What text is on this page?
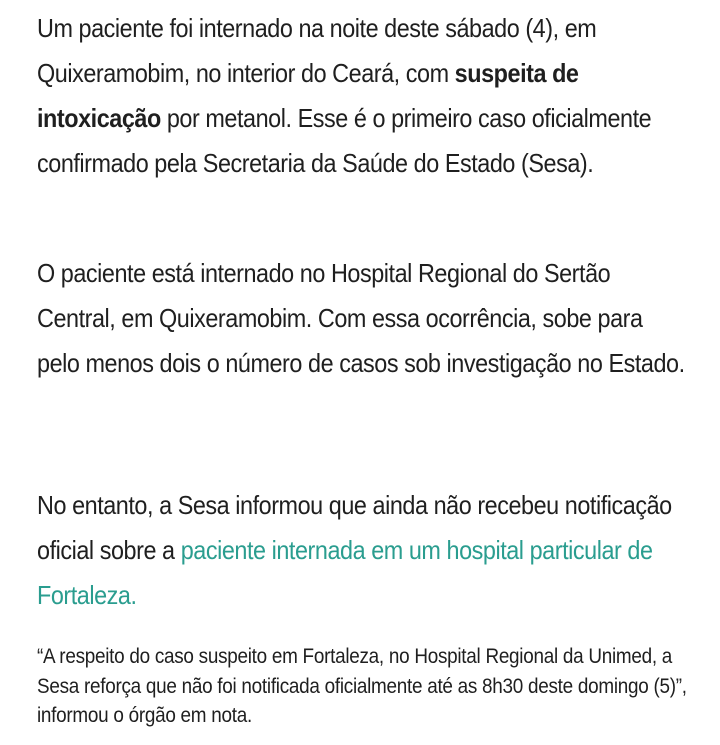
Um paciente foi internado na noite deste sábado (4), em Quixeramobim, no interior do Ceará, com suspeita de intoxicação por metanol. Esse é o primeiro caso oficialmente confirmado pela Secretaria da Saúde do Estado (Sesa).

O paciente está internado no Hospital Regional do Sertão Central, em Quixeramobim. Com essa ocorrência, sobe para pelo menos dois o número de casos sob investigação no Estado.

No entanto, a Sesa informou que ainda não recebeu notificação oficial sobre a paciente internada em um hospital particular de Fortaleza.

“A respeito do caso suspeito em Fortaleza, no Hospital Regional da Unimed, a Sesa reforça que não foi notificada oficialmente até as 8h30 deste domingo (5)”, informou o órgão em nota.
